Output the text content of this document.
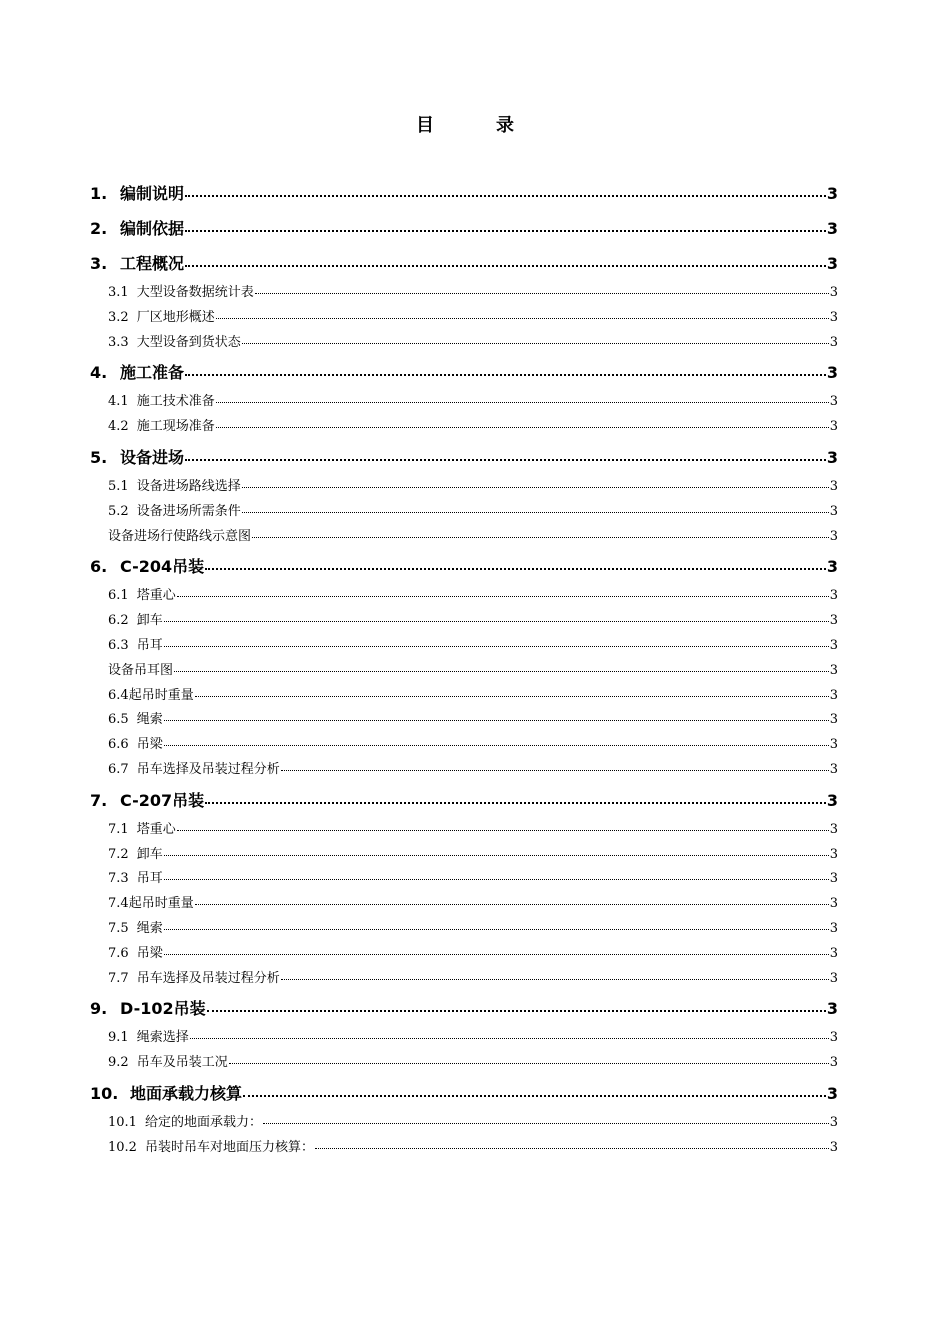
目	录
1. 编制说明	3
2. 编制依据	3
3. 工程概况	3
3.1 大型设备数据统计表	3
3.2 厂区地形概述	3
3.3 大型设备到货状态	3
4. 施工准备	3
4.1 施工技术准备	3
4.2 施工现场准备	3
5. 设备进场	3
5.1 设备进场路线选择	3
5.2 设备进场所需条件	3
设备进场行使路线示意图	3
6. C-204吊装	3
6.1 塔重心	3
6.2 卸车	3
6.3 吊耳	3
设备吊耳图	3
6.4 起吊时重量	3
6.5 绳索	3
6.6 吊梁	3
6.7 吊车选择及吊装过程分析	3
7. C-207吊装	3
7.1 塔重心	3
7.2 卸车	3
7.3 吊耳	3
7.4 起吊时重量	3
7.5 绳索	3
7.6 吊梁	3
7.7 吊车选择及吊装过程分析	3
9. D-102吊装	3
9.1 绳索选择	3
9.2 吊车及吊装工况	3
10. 地面承载力核算	3
10.1 给定的地面承载力：	3
10.2 吊装时吊车对地面压力核算：	3
